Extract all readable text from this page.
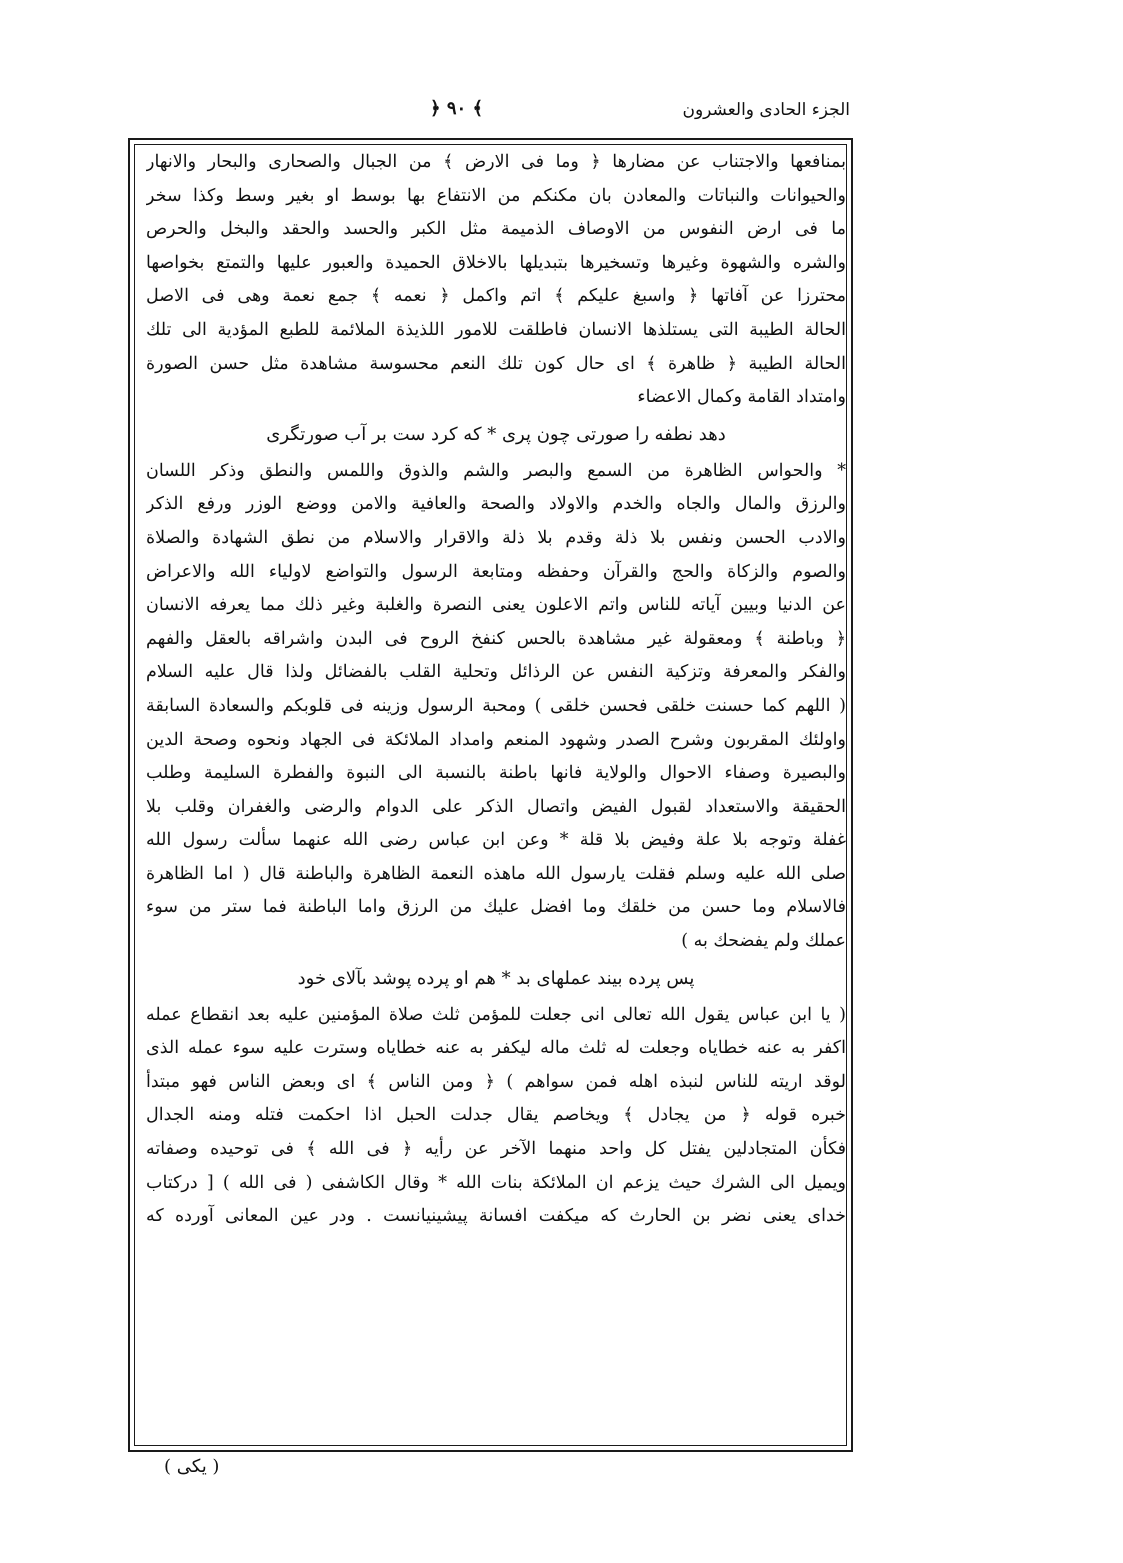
الجزء الحادى والعشرون
﴾ ٩٠ ﴿
بمنافعها والاجتناب عن مضارها ﴿ وما فى الارض ﴾ من الجبال والصحارى والبحار والانهار
والحيوانات والنباتات والمعادن بان مكنكم من الانتفاع بها بوسط او بغير وسط وكذا سخر
ما فى ارض النفوس من الاوصاف الذميمة مثل الكبر والحسد والحقد والبخل والحرص
والشره والشهوة وغيرها وتسخيرها بتبديلها بالاخلاق الحميدة والعبور عليها والتمتع بخواصها
محترزا عن آفاتها ﴿ واسبغ عليكم ﴾ اتم واكمل ﴿ نعمه ﴾ جمع نعمة وهى فى الاصل
الحالة الطيبة التى يستلذها الانسان فاطلقت للامور اللذيذة الملائمة للطبع المؤدية الى تلك
الحالة الطيبة ﴿ ظاهرة ﴾ اى حال كون تلك النعم محسوسة مشاهدة مثل حسن الصورة
وامتداد القامة وكمال الاعضاء
دهد نطفه را صورتى چون پرى * كه كرد ست بر آب صورتگرى
* والحواس الظاهرة من السمع والبصر والشم والذوق واللمس والنطق وذكر اللسان
والرزق والمال والجاه والخدم والاولاد والصحة والعافية والامن ووضع الوزر ورفع الذكر
والادب الحسن ونفس بلا ذلة وقدم بلا ذلة والاقرار والاسلام من نطق الشهادة والصلاة
والصوم والزكاة والحج والقرآن وحفظه ومتابعة الرسول والتواضع لاولياء الله والاعراض
عن الدنيا وبيين آياته للناس واتم الاعلون يعنى النصرة والغلبة وغير ذلك مما يعرفه الانسان
﴿ وباطنة ﴾ ومعقولة غير مشاهدة بالحس كنفخ الروح فى البدن واشراقه بالعقل والفهم
والفكر والمعرفة وتزكية النفس عن الرذائل وتحلية القلب بالفضائل ولذا قال عليه السلام
( اللهم كما حسنت خلقى فحسن خلقى ) ومحبة الرسول وزينه فى قلوبكم والسعادة السابقة
واولئك المقربون وشرح الصدر وشهود المنعم وامداد الملائكة فى الجهاد ونحوه وصحة الدين
والبصيرة وصفاء الاحوال والولاية فانها باطنة بالنسبة الى النبوة والفطرة السليمة وطلب
الحقيقة والاستعداد لقبول الفيض واتصال الذكر على الدوام والرضى والغفران وقلب بلا
غفلة وتوجه بلا علة وفيض بلا قلة * وعن ابن عباس رضى الله عنهما سألت رسول الله
صلى الله عليه وسلم فقلت يارسول الله ماهذه النعمة الظاهرة والباطنة قال ( اما الظاهرة
فالاسلام وما حسن من خلقك وما افضل عليك من الرزق واما الباطنة فما ستر من سوء
عملك ولم يفضحك به )
پس پرده بيند عملهاى بد * هم او پرده پوشد بآلاى خود
( يا ابن عباس يقول الله تعالى انى جعلت للمؤمن ثلث صلاة المؤمنين عليه بعد انقطاع عمله
اكفر به عنه خطاياه وجعلت له ثلث ماله ليكفر به عنه خطاياه وسترت عليه سوء عمله الذى
لوقد اريته للناس لنبذه اهله فمن سواهم ) ﴿ ومن الناس ﴾ اى وبعض الناس فهو مبتدأ
خبره قوله ﴿ من يجادل ﴾ ويخاصم يقال جدلت الحبل اذا احكمت فتله ومنه الجدال
فكأن المتجادلين يفتل كل واحد منهما الآخر عن رأيه ﴿ فى الله ﴾ فى توحيده وصفاته
ويميل الى الشرك حيث يزعم ان الملائكة بنات الله * وقال الكاشفى ( فى الله ) [ دركتاب
خداى يعنى نضر بن الحارث كه ميكفت افسانة پيشينيانست . ودر عين المعانى آورده كه
( يكى )
